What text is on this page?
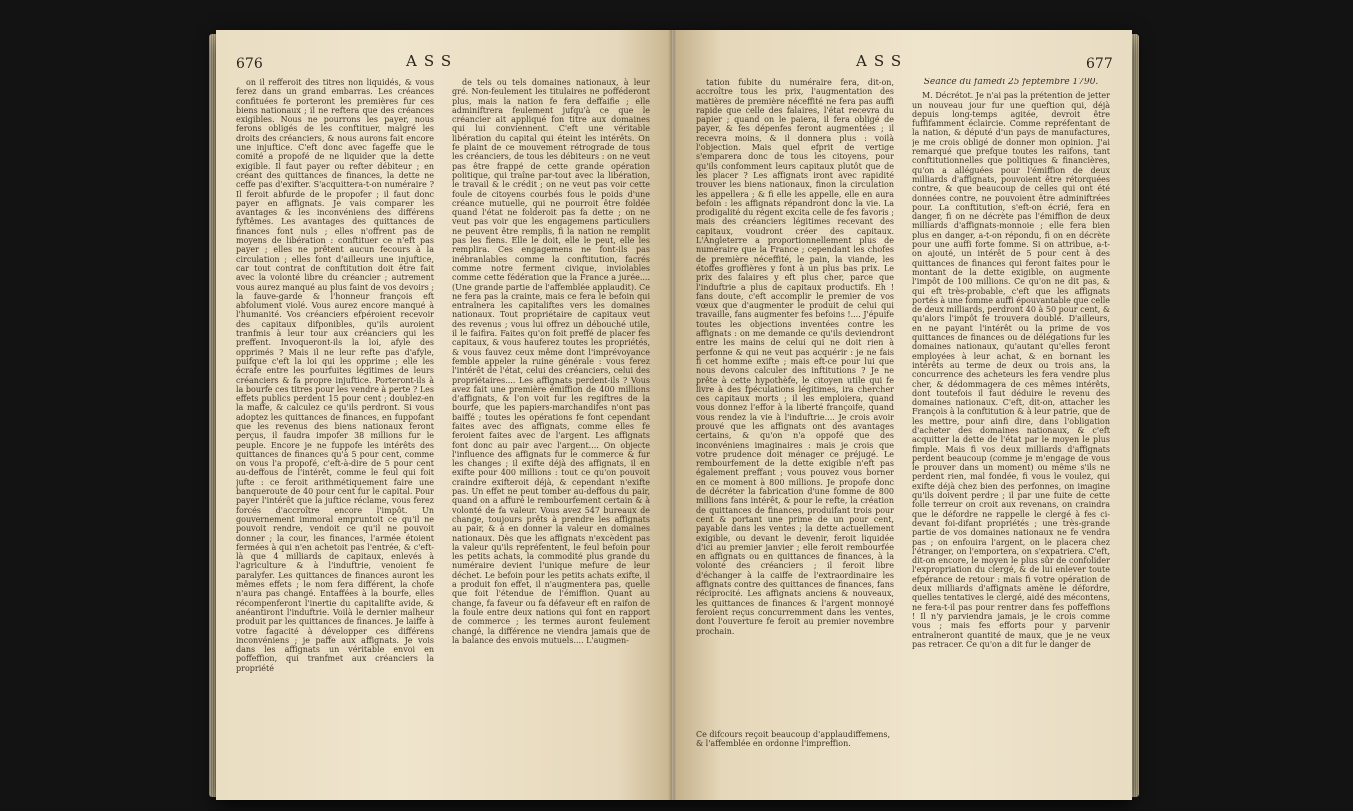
676	ASS

on il refferoit des titres non liquidés, & vous ferez dans un grand embarras. Les créances confituées fe porteront les premières fur ces biens nationaux ; il ne reftera que des créances exigibles. Nous ne pourrons les payer, nous ferons obligés de les conftituer, malgré les droits des créanciers, & nous aurons fait encore une injuftice. C'eft donc avec fageffe que le comité a propofé de ne liquider que la dette exigible. Il faut payer ou refter débiteur ; en créant des quittances de finances, la dette ne ceffe pas d'exifter. S'acquittera-t-on numéraire ? Il feroit abfurde de le propofer ; il faut donc payer en affignats. Je vais comparer les avantages & les inconvéniens des différens fyftêmes. Les avantages des quittances de finances font nuls ; elles n'offrent pas de moyens de libération : conftituer ce n'eft pas payer ; elles ne prêtent aucun fecours à la circulation ; elles font d'ailleurs une injuftice, car tout contrat de conftitution doit être fait avec la volonté libre du créancier ; autrement vous aurez manqué au plus faint de vos devoirs ; la fauve-garde & l'honneur françois eft abfolument violé. Vous aurez encore manqué à l'humanité. Vos créanciers efpéroient recevoir des capitaux difponibles, qu'ils auroient tranfmis à leur tour aux créanciers qui les preffent. Invoqueront-ils la loi, afyle des opprimés ? Mais il ne leur refte pas d'afyle, puifque c'eft la loi qui les opprime ; elle les écrafe entre les pourfuites légitimes de leurs créanciers & fa propre injuftice. Porteront-ils à la bourfe ces titres pour les vendre à perte ? Les effets publics perdent 15 pour cent ; doublez-en la maffe, & calculez ce qu'ils perdront. Si vous adoptez les quittances de finances, en fuppofant que les revenus des biens nationaux feront perçus, il faudra impofer 38 millions fur le peuple. Encore je ne fuppofe les intérêts des quittances de finances qu'à 5 pour cent, comme on vous l'a propofé, c'eft-à-dire de 5 pour cent au-deffous de l'intérêt, comme le feul qui foit jufte : ce feroit arithmétiquement faire une banqueroute de 40 pour cent fur le capital. Pour payer l'intérêt que la juftice réclame, vous ferez forcés d'accroître encore l'impôt. Un gouvernement immoral empruntoit ce qu'il ne pouvoit rendre, vendoit ce qu'il ne pouvoit donner ; la cour, les finances, l'armée étoient fermées à qui n'en achetoit pas l'entrée, & c'eft-là que 4 milliards de capitaux, enlevés à l'agriculture & à l'induftrie, venoient fe paralyfer. Les quittances de finances auront les mêmes effets ; le nom fera différent, la chofe n'aura pas changé. Entaffées à la bourfe, elles récompenferont l'inertie du capitalifte avide, & anéantiront l'induftrie. Voilà le dernier malheur produit par les quittances de finances. Je laiffe à votre fagacité à développer ces différens inconvéniens ; je paffe aux affignats. Je vois dans les affignats un véritable envoi en poffeffion, qui tranfmet aux créanciers la propriété

de tels ou tels domaines nationaux, à leur gré. Non-feulement les titulaires ne pofféderont plus, mais la nation fe fera deffaifie ; elle adminiftrera feulement jufqu'à ce que le créancier ait appliqué fon titre aux domaines qui lui conviennent. C'eft une véritable libération du capital qui éteint les intérêts. On fe plaint de ce mouvement rétrograde de tous les créanciers, de tous les débiteurs : on ne veut pas être frappé de cette grande opération politique, qui traîne par-tout avec la libération, le travail & le crédit ; on ne veut pas voir cette foule de citoyens courbés fous le poids d'une créance mutuelle, qui ne pourroit être foldée quand l'état ne folderoit pas fa dette ; on ne veut pas voir que les engagemens particuliers ne peuvent être remplis, fi la nation ne remplit pas les fiens. Elle le doit, elle le peut, elle les remplira. Ces engagemens ne font-ils pas inébranlables comme la conftitution, facrés comme notre ferment civique, inviolables comme cette fédération que la France a jurée.... (Une grande partie de l'affemblée applaudit). Ce ne fera pas la crainte, mais ce fera le befoin qui entraînera les capitaliftes vers les domaines nationaux. Tout propriétaire de capitaux veut des revenus ; vous lui offrez un débouché utile, il le faifira. Faites qu'on foit preffé de placer fes capitaux, & vous hauferez toutes les propriétés, & vous fauvez ceux même dont l'imprévoyance femble appeler la ruine générale : vous ferez l'intérêt de l'état, celui des créanciers, celui des propriétaires.... Les affignats perdent-ils ? Vous avez fait une première émiffion de 400 millions d'affignats, & l'on voit fur les regiftres de la bourfe, que les papiers-marchandifes n'ont pas baiffé ; toutes les opérations fe font cependant faites avec des affignats, comme elles fe feroient faites avec de l'argent. Les affignats font donc au pair avec l'argent.... On objecte l'influence des affignats fur le commerce & fur les changes ; il exifte déjà des affignats, il en exifte pour 400 millions : tout ce qu'on pouvoit craindre exifteroit déjà, & cependant n'exifte pas. Un effet ne peut tomber au-deffous du pair, quand on a affuré le rembourfement certain & à volonté de fa valeur. Vous avez 547 bureaux de change, toujours prêts à prendre les affignats au pair, & à en donner la valeur en domaines nationaux. Dès que les affignats n'excèdent pas la valeur qu'ils repréfentent, le feul befoin pour les petits achats, la commodité plus grande du numéraire devient l'unique mefure de leur déchet. Le befoin pour les petits achats exifte, il a produit fon effet, il n'augmentera pas, quelle que foit l'étendue de l'émiffion. Quant au change, fa faveur ou fa défaveur eft en raifon de la foule entre deux nations qui font en rapport de commerce ; les termes auront feulement changé, la différence ne viendra jamais que de la balance des envois mutuels.... L'augmen-

ASS	677

tation fubite du numéraire fera, dit-on, accroître tous les prix, l'augmentation des matières de première néceffité ne fera pas auffi rapide que celle des falaires, l'état recevra du papier ; quand on le paiera, il fera obligé de payer, & fes dépenfes feront augmentées ; il recevra moins, & il donnera plus : voilà l'objection. Mais quel efprit de vertige s'emparera donc de tous les citoyens, pour qu'ils confomment leurs capitaux plutôt que de les placer ? Les affignats iront avec rapidité trouver les biens nationaux, finon la circulation les appellera ; & fi elle les appelle, elle en aura befoin : les affignats répandront donc la vie. La prodigalité du régent excita celle de fes favoris ; mais des créanciers légitimes recevant des capitaux, voudront créer des capitaux. L'Angleterre a proportionnellement plus de numéraire que la France ; cependant les chofes de première néceffité, le pain, la viande, les étoffes groffières y font à un plus bas prix. Le prix des falaires y eft plus cher, parce que l'induftrie a plus de capitaux productifs. Eh ! fans doute, c'eft accomplir le premier de vos vœux que d'augmenter le produit de celui qui travaille, fans augmenter fes befoins !.... J'épuife toutes les objections inventées contre les affignats : on me demande ce qu'ils deviendront entre les mains de celui qui ne doit rien à perfonne & qui ne veut pas acquérir : je ne fais fi cet homme exifte ; mais eft-ce pour lui que nous devons calculer des inftitutions ? Je ne prête à cette hypothèfe, le citoyen utile qui fe livre à des fpéculations légitimes, ira chercher ces capitaux morts ; il les emploiera, quand vous donnez l'effor à la liberté françoife, quand vous rendez la vie à l'induftrie.... Je crois avoir prouvé que les affignats ont des avantages certains, & qu'on n'a oppofé que des inconvéniens imaginaires : mais je crois que votre prudence doit ménager ce préjugé. Le rembourfement de la dette exigible n'eft pas également preffant ; vous pouvez vous borner en ce moment à 800 millions. Je propofe donc de décréter la fabrication d'une fomme de 800 millions fans intérêt, & pour le refte, la création de quittances de finances, produifant trois pour cent & portant une prime de un pour cent, payable dans les ventes ; la dette actuellement exigible, ou devant le devenir, feroit liquidée d'ici au premier janvier ; elle feroit rembourfée en affignats ou en quittances de finances, à la volonté des créanciers ; il feroit libre d'échanger à la caiffe de l'extraordinaire les affignats contre des quittances de finances, fans réciprocité. Les affignats anciens & nouveaux, les quittances de finances & l'argent monnoyé feroient reçus concurremment dans les ventes, dont l'ouverture fe feroit au premier novembre prochain.

Ce difcours reçoit beaucoup d'applaudiffemens, & l'affemblée en ordonne l'impreffion.
Séance du famedi 25 feptembre 1790.

M. Décrétot. Je n'ai pas la prétention de jetter un nouveau jour fur une queftion qui, déjà depuis long-temps agitée, devroit être fuffifamment éclaircie. Comme repréfentant de la nation, & député d'un pays de manufactures, je me crois obligé de donner mon opinion. J'ai remarqué que prefque toutes les raifons, tant conftitutionnelles que politiques & financières, qu'on a alléguées pour l'émiffion de deux milliards d'affignats, pouvoient être rétorquées contre, & que beaucoup de celles qui ont été données contre, ne pouvoient être adminiftrées pour. La conftitution, s'eft-on écrié, fera en danger, fi on ne décrète pas l'émiffion de deux milliards d'affignats-monnoie ; elle fera bien plus en danger, a-t-on répondu, fi on en décrète pour une auffi forte fomme. Si on attribue, a-t-on ajouté, un intérêt de 5 pour cent à des quittances de finances qui feront faites pour le montant de la dette exigible, on augmente l'impôt de 100 millions. Ce qu'on ne dit pas, & qui eft très-probable, c'eft que les affignats portés à une fomme auffi épouvantable que celle de deux milliards, perdront 40 à 50 pour cent, & qu'alors l'impôt fe trouvera doublé. D'ailleurs, en ne payant l'intérêt ou la prime de vos quittances de finances ou de délégations fur les domaines nationaux, qu'autant qu'elles feront employées à leur achat, & en bornant les intérêts au terme de deux ou trois ans, la concurrence des acheteurs les fera vendre plus cher, & dédommagera de ces mêmes intérêts, dont toutefois il faut déduire le revenu des domaines nationaux. C'eft, dit-on, attacher les François à la conftitution & à leur patrie, que de les mettre, pour ainfi dire, dans l'obligation d'acheter des domaines nationaux, & c'eft acquitter la dette de l'état par le moyen le plus fimple. Mais fi vos deux milliards d'affignats perdent beaucoup (comme je m'engage de vous le prouver dans un moment) ou même s'ils ne perdent rien, mal fondée, fi vous le voulez, qui exifte déjà chez bien des perfonnes, on imagine qu'ils doivent perdre ; il par une fuite de cette folle terreur on croit aux revenans, on craindra que le défordre ne rappelle le clergé à fes ci-devant foi-difant propriétés ; une très-grande partie de vos domaines nationaux ne fe vendra pas ; on enfouira l'argent, on le placera chez l'étranger, on l'emportera, on s'expatriera. C'eft, dit-on encore, le moyen le plus sûr de confolider l'expropriation du clergé, & de lui enlever toute efpérance de retour : mais fi votre opération de deux milliards d'affignats amène le défordre, quelles tentatives le clergé, aidé des mécontens, ne fera-t-il pas pour rentrer dans fes poffeffions ! Il n'y parviendra jamais, je le crois comme vous ; mais fes efforts pour y parvenir entraîneront quantité de maux, que je ne veux pas retracer. Ce qu'on a dit fur le danger de
